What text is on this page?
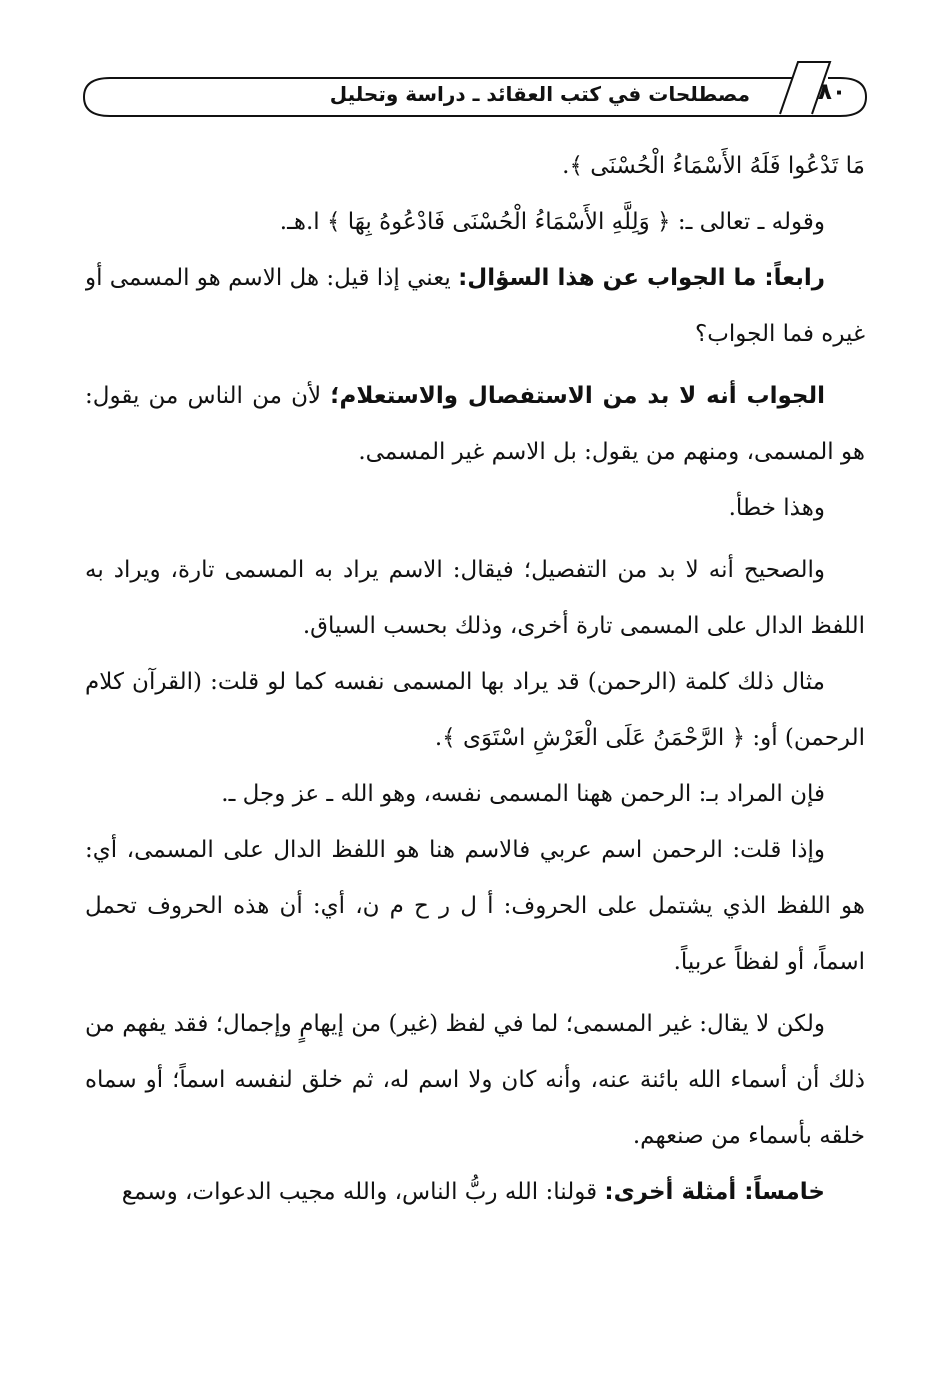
مصطلحات في كتب العقائد ـ دراسة وتحليل	٨٠

مَا تَدْعُوا فَلَهُ الأَسْمَاءُ الْحُسْنَى ﴾.

وقوله ـ تعالى ـ: ﴿ وَلِلَّهِ الأَسْمَاءُ الْحُسْنَى فَادْعُوهُ بِهَا ﴾ ا.هـ.

رابعاً: ما الجواب عن هذا السؤال: يعني إذا قيل: هل الاسم هو المسمى أو غيره فما الجواب؟

الجواب أنه لا بد من الاستفصال والاستعلام؛ لأن من الناس من يقول: هو المسمى، ومنهم من يقول: بل الاسم غير المسمى.

وهذا خطأ.

والصحيح أنه لا بد من التفصيل؛ فيقال: الاسم يراد به المسمى تارة، ويراد به اللفظ الدال على المسمى تارة أخرى، وذلك بحسب السياق.

مثال ذلك كلمة (الرحمن) قد يراد بها المسمى نفسه كما لو قلت: (القرآن كلام الرحمن) أو: ﴿ الرَّحْمَنُ عَلَى الْعَرْشِ اسْتَوَى ﴾.

فإن المراد بـ: الرحمن ههنا المسمى نفسه، وهو الله ـ عز وجل ـ.

وإذا قلت: الرحمن اسم عربي فالاسم هنا هو اللفظ الدال على المسمى، أي: هو اللفظ الذي يشتمل على الحروف: أ ل ر ح م ن، أي: أن هذه الحروف تحمل اسماً، أو لفظاً عربياً.

ولكن لا يقال: غير المسمى؛ لما في لفظ (غير) من إيهامٍ وإجمال؛ فقد يفهم من ذلك أن أسماء الله بائنة عنه، وأنه كان ولا اسم له، ثم خلق لنفسه اسماً؛ أو سماه خلقه بأسماء من صنعهم.

خامساً: أمثلة أخرى: قولنا: الله ربُّ الناس، والله مجيب الدعوات، وسمع
